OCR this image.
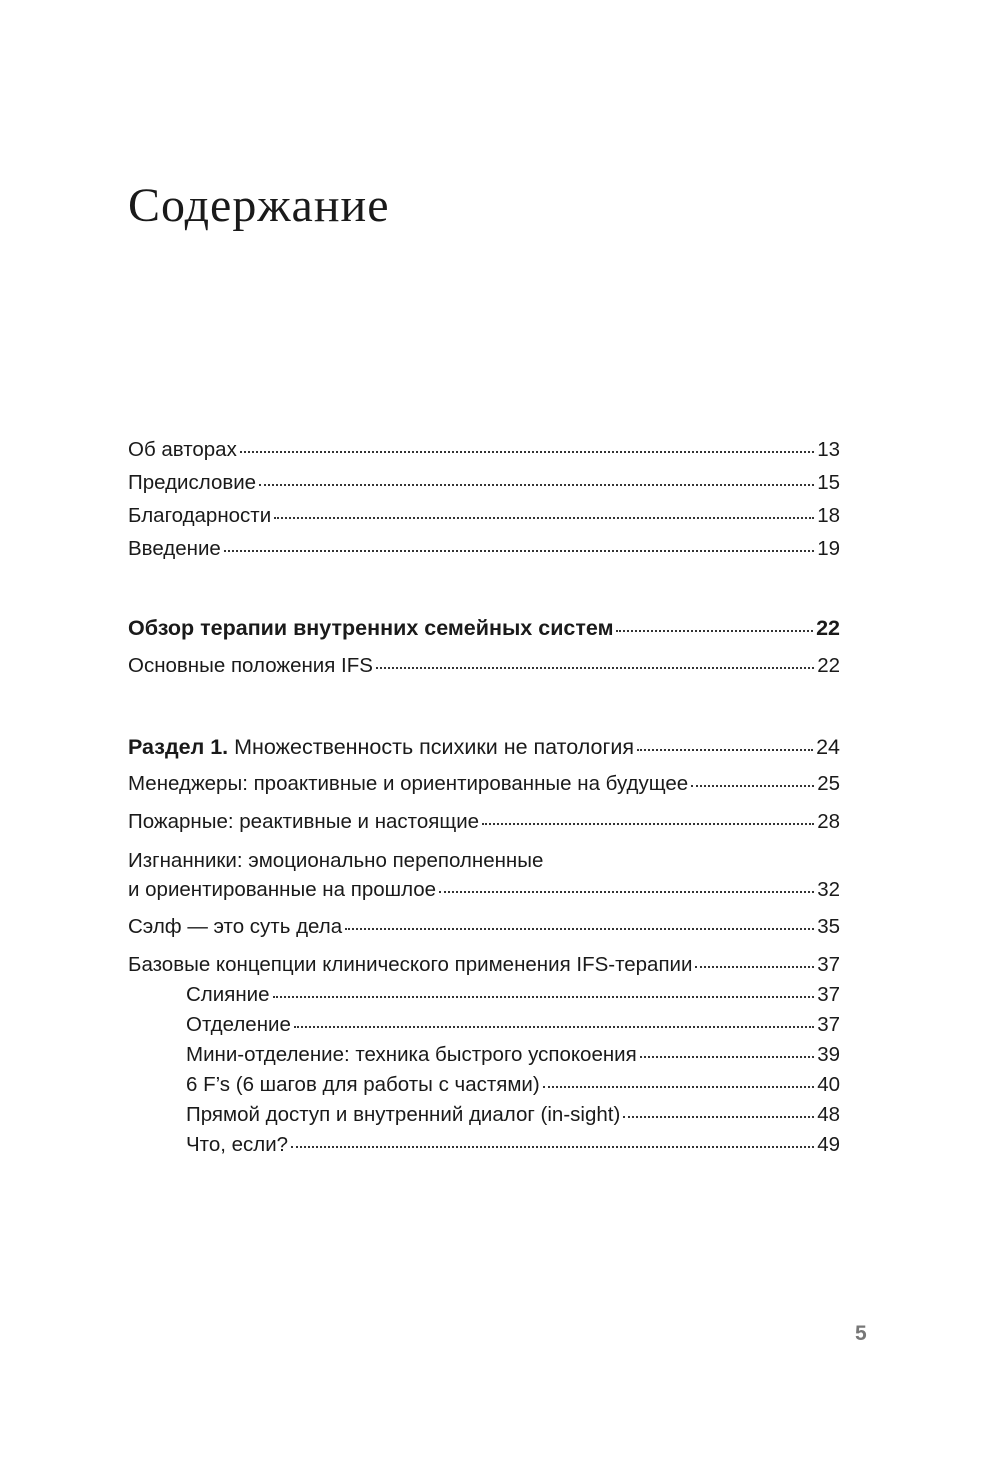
Содержание
Об авторах	13
Предисловие	15
Благодарности	18
Введение	19
Обзор терапии внутренних семейных систем	22
Основные положения IFS	22
Раздел 1. Множественность психики не патология	24
Менеджеры: проактивные и ориентированные на будущее	25
Пожарные: реактивные и настоящие	28
Изгнанники: эмоционально переполненные
и ориентированные на прошлое	32
Сэлф — это суть дела	35
Базовые концепции клинического применения IFS-терапии	37
Слияние	37
Отделение	37
Мини-отделение: техника быстрого успокоения	39
6 F’s (6 шагов для работы с частями)	40
Прямой доступ и внутренний диалог (in-sight)	48
Что, если?	49
5
